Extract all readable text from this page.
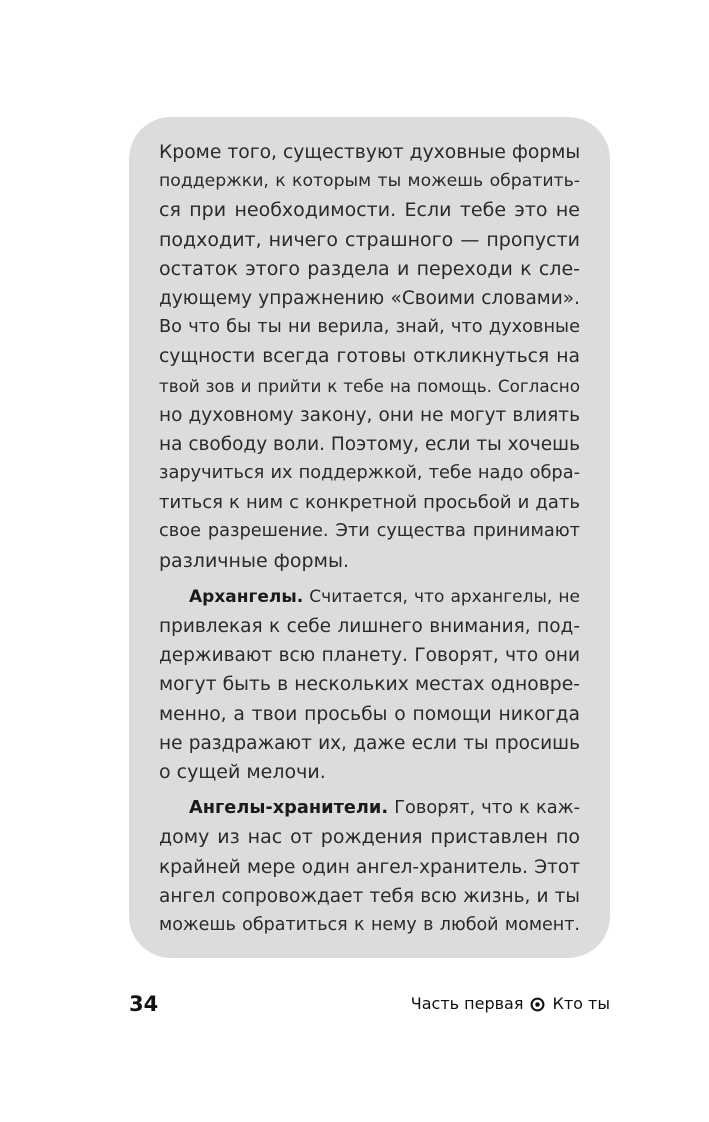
Кроме того, существуют духовные формы
поддержки, к которым ты можешь обратить-
ся при необходимости. Если тебе это не
подходит, ничего страшного — пропусти
остаток этого раздела и переходи к сле-
дующему упражнению «Своими словами».
Во что бы ты ни верила, знай, что духовные
сущности всегда готовы откликнуться на
твой зов и прийти к тебе на помощь. Согласно
но духовному закону, они не могут влиять
на свободу воли. Поэтому, если ты хочешь
заручиться их поддержкой, тебе надо обра-
титься к ним с конкретной просьбой и дать
свое разрешение. Эти существа принимают
различные формы.

Архангелы. Считается, что архангелы, не
привлекая к себе лишнего внимания, под-
держивают всю планету. Говорят, что они
могут быть в нескольких местах одновре-
менно, а твои просьбы о помощи никогда
не раздражают их, даже если ты просишь
о сущей мелочи.

Ангелы-хранители. Говорят, что к каж-
дому из нас от рождения приставлен по
крайней мере один ангел-хранитель. Этот
ангел сопровождает тебя всю жизнь, и ты
можешь обратиться к нему в любой момент.

34	Часть первая Кто ты
